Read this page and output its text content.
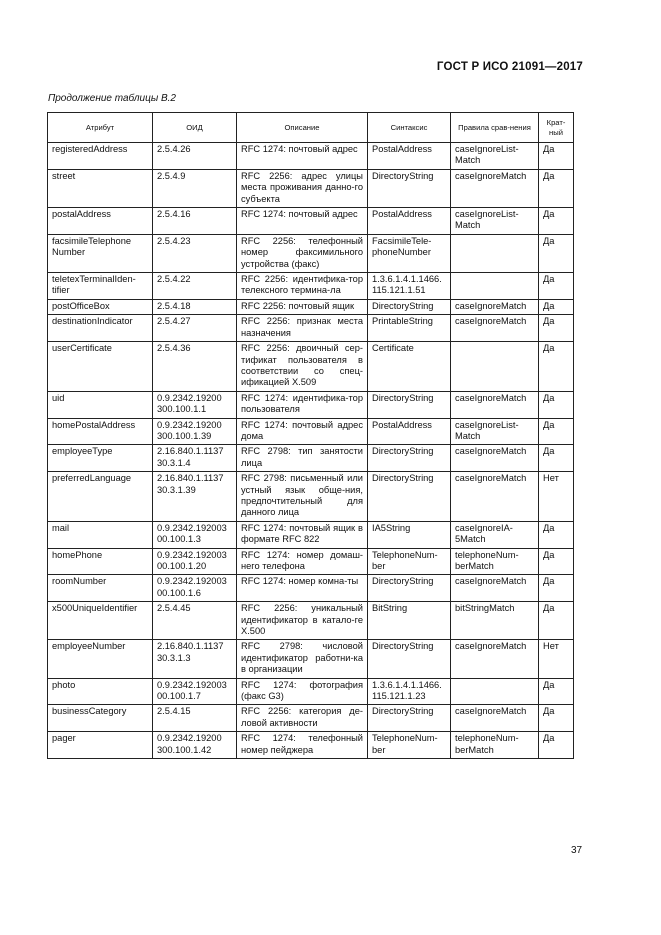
ГОСТ Р ИСО 21091—2017
Продолжение таблицы В.2
Атрибут	ОИД	Описание	Синтаксис	Правила срав-нения	Крат-ный
registeredAddress	2.5.4.26	RFC 1274: почтовый адрес	PostalAddress	caseIgnoreList-Match	Да
street	2.5.4.9	RFC 2256: адрес улицы места проживания данно-го субъекта	DirectoryString	caseIgnoreMatch	Да
postalAddress	2.5.4.16	RFC 1274: почтовый адрес	PostalAddress	caseIgnoreList-Match	Да
facsimileTelephone Number	2.5.4.23	RFC 2256: телефонный номер факсимильного устройства (факс)	FacsimileTele-phoneNumber		Да
teletexTerminalIden-tifier	2.5.4.22	RFC 2256: идентифика-тор телексного термина-ла	1.3.6.1.4.1.1466. 115.121.1.51		Да
postOfficeBox	2.5.4.18	RFC 2256: почтовый ящик	DirectoryString	caseIgnoreMatch	Да
destinationIndicator	2.5.4.27	RFC 2256: признак места назначения	PrintableString	caseIgnoreMatch	Да
userCertificate	2.5.4.36	RFC 2256: двоичный сер-тификат пользователя в соответствии со спец-ификацией X.509	Certificate		Да
uid	0.9.2342.19200 300.100.1.1	RFC 1274: идентифика-тор пользователя	DirectoryString	caseIgnoreMatch	Да
homePostalAddress	0.9.2342.19200 300.100.1.39	RFC 1274: почтовый адрес дома	PostalAddress	caseIgnoreList-Match	Да
employeeType	2.16.840.1.1137 30.3.1.4	RFC 2798: тип занятости лица	DirectoryString	caseIgnoreMatch	Да
preferredLanguage	2.16.840.1.1137 30.3.1.39	RFC 2798: письменный или устный язык обще-ния, предпочтительный для данного лица	DirectoryString	caseIgnoreMatch	Нет
mail	0.9.2342.192003 00.100.1.3	RFC 1274: почтовый ящик в формате RFC 822	IA5String	caseIgnoreIA-5Match	Да
homePhone	0.9.2342.192003 00.100.1.20	RFC 1274: номер домаш-него телефона	TelephoneNum-ber	telephoneNum-berMatch	Да
roomNumber	0.9.2342.192003 00.100.1.6	RFC 1274: номер комна-ты	DirectoryString	caseIgnoreMatch	Да
x500UniqueIdentifier	2.5.4.45	RFC 2256: уникальный идентификатор в катало-ге X.500	BitString	bitStringMatch	Да
employeeNumber	2.16.840.1.1137 30.3.1.3	RFC 2798: числовой идентификатор работни-ка в организации	DirectoryString	caseIgnoreMatch	Нет
photo	0.9.2342.192003 00.100.1.7	RFC 1274: фотография (факс G3)	1.3.6.1.4.1.1466. 115.121.1.23		Да
businessCategory	2.5.4.15	RFC 2256: категория де-ловой активности	DirectoryString	caseIgnoreMatch	Да
pager	0.9.2342.19200 300.100.1.42	RFC 1274: телефонный номер пейджера	TelephoneNum-ber	telephoneNum-berMatch	Да
37
